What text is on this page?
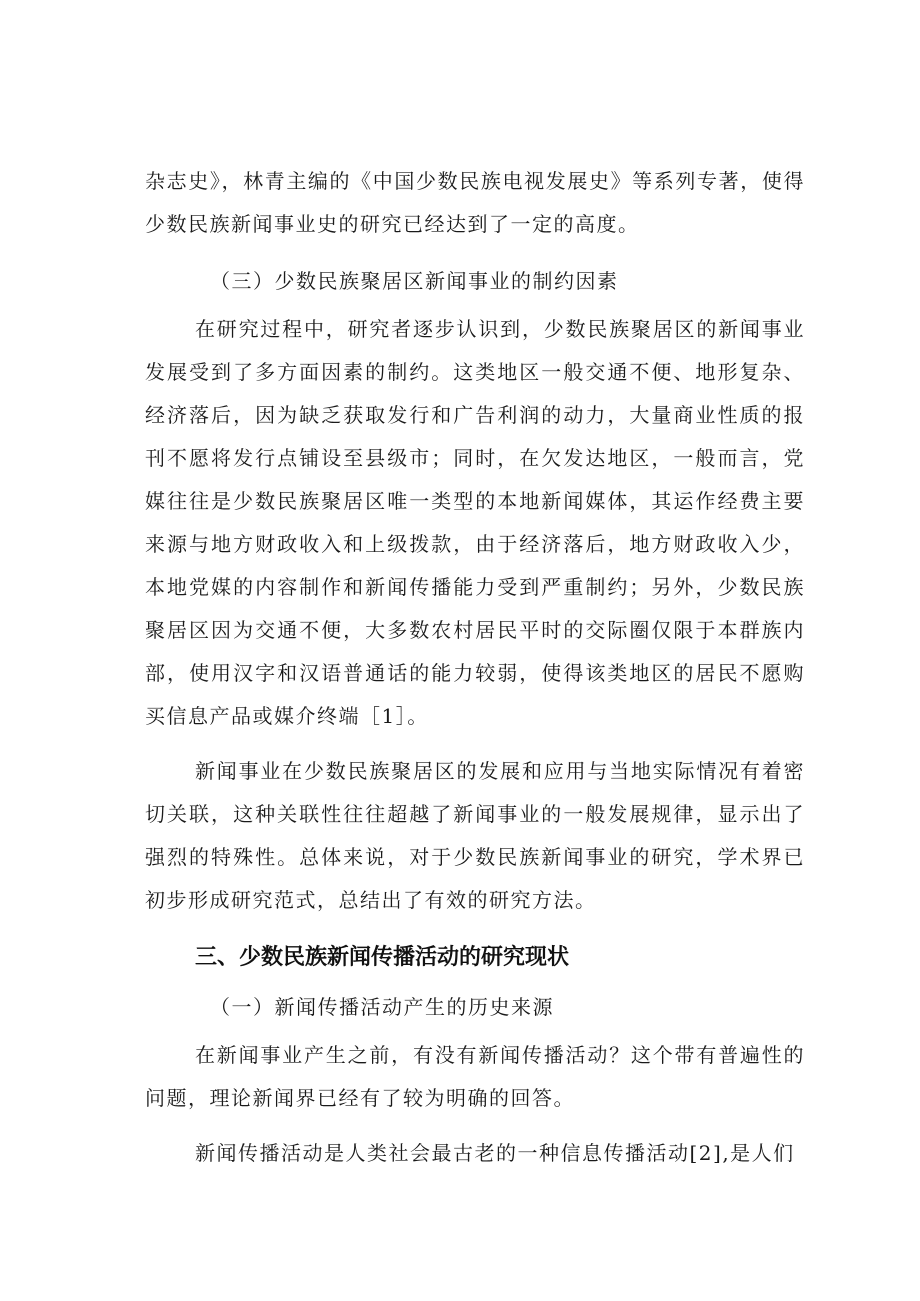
杂志史》，林青主编的《中国少数民族电视发展史》等系列专著，使得少数民族新闻事业史的研究已经达到了一定的高度。

（三）少数民族聚居区新闻事业的制约因素

在研究过程中，研究者逐步认识到，少数民族聚居区的新闻事业发展受到了多方面因素的制约。这类地区一般交通不便、地形复杂、经济落后，因为缺乏获取发行和广告利润的动力，大量商业性质的报刊不愿将发行点铺设至县级市；同时，在欠发达地区，一般而言，党媒往往是少数民族聚居区唯一类型的本地新闻媒体，其运作经费主要来源与地方财政收入和上级拨款，由于经济落后，地方财政收入少，本地党媒的内容制作和新闻传播能力受到严重制约；另外，少数民族聚居区因为交通不便，大多数农村居民平时的交际圈仅限于本群族内部，使用汉字和汉语普通话的能力较弱，使得该类地区的居民不愿购买信息产品或媒介终端［1］。

新闻事业在少数民族聚居区的发展和应用与当地实际情况有着密切关联，这种关联性往往超越了新闻事业的一般发展规律，显示出了强烈的特殊性。总体来说，对于少数民族新闻事业的研究，学术界已初步形成研究范式，总结出了有效的研究方法。

三、少数民族新闻传播活动的研究现状
（一）新闻传播活动产生的历史来源

在新闻事业产生之前，有没有新闻传播活动？这个带有普遍性的问题，理论新闻界已经有了较为明确的回答。

新闻传播活动是人类社会最古老的一种信息传播活动[2],是人们
